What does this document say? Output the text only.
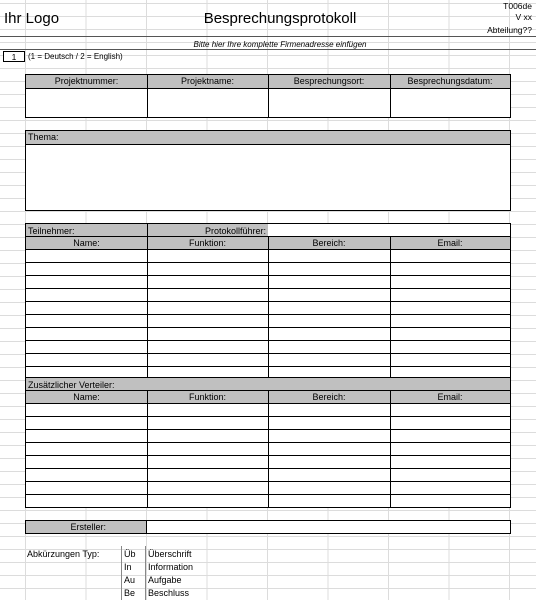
Ihr Logo	Besprechungsprotokoll
T006de
V xx
Abteilung??
Bitte hier Ihre komplette Firmenadresse einfügen
1	(1 = Deutsch / 2 = English)
Projektnummer:	Projektname:	Besprechungsort:	Besprechungsdatum:
Thema:
Teilnehmer:	Protokollführer:
Name:	Funktion:	Bereich:	Email:
Zusätzlicher Verteiler:
Name:	Funktion:	Bereich:	Email:
Ersteller:
Abkürzungen Typ:	Üb Überschrift
In Information
Au Aufgabe
Be Beschluss
